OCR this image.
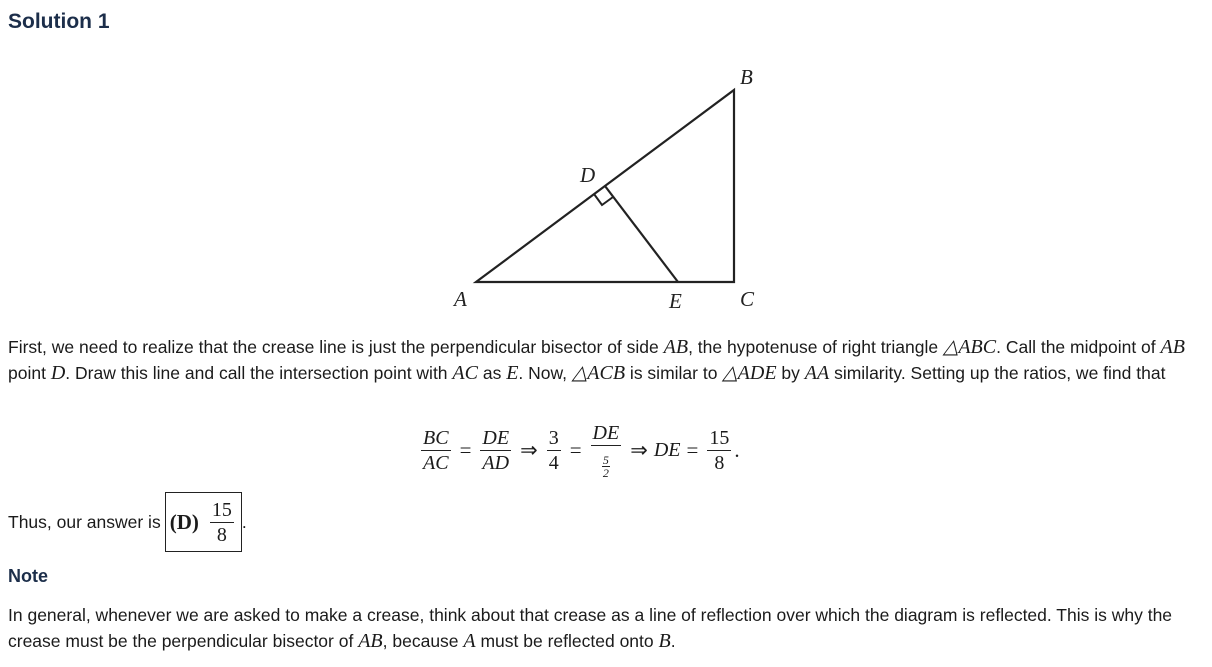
Solution 1
B
D
A	E	C
First, we need to realize that the crease line is just the perpendicular bisector of side AB, the hypotenuse of right triangle △ABC. Call the midpoint of AB point D. Draw this line and call the intersection point with AC as E. Now, △ACB is similar to △ADE by AA similarity. Setting up the ratios, we find that
$\frac{BC}{AC} = \frac{DE}{AD}$ ⇒ $\frac{3}{4} = \frac{DE}{\frac{5}{2}}$ ⇒ DE = $\frac{15}{8}$ .
Thus, our answer is $(D) \frac{15}{8}$ .
Note
In general, whenever we are asked to make a crease, think about that crease as a line of reflection over which the diagram is reflected. This is why the crease must be the perpendicular bisector of AB, because A must be reflected onto B.
